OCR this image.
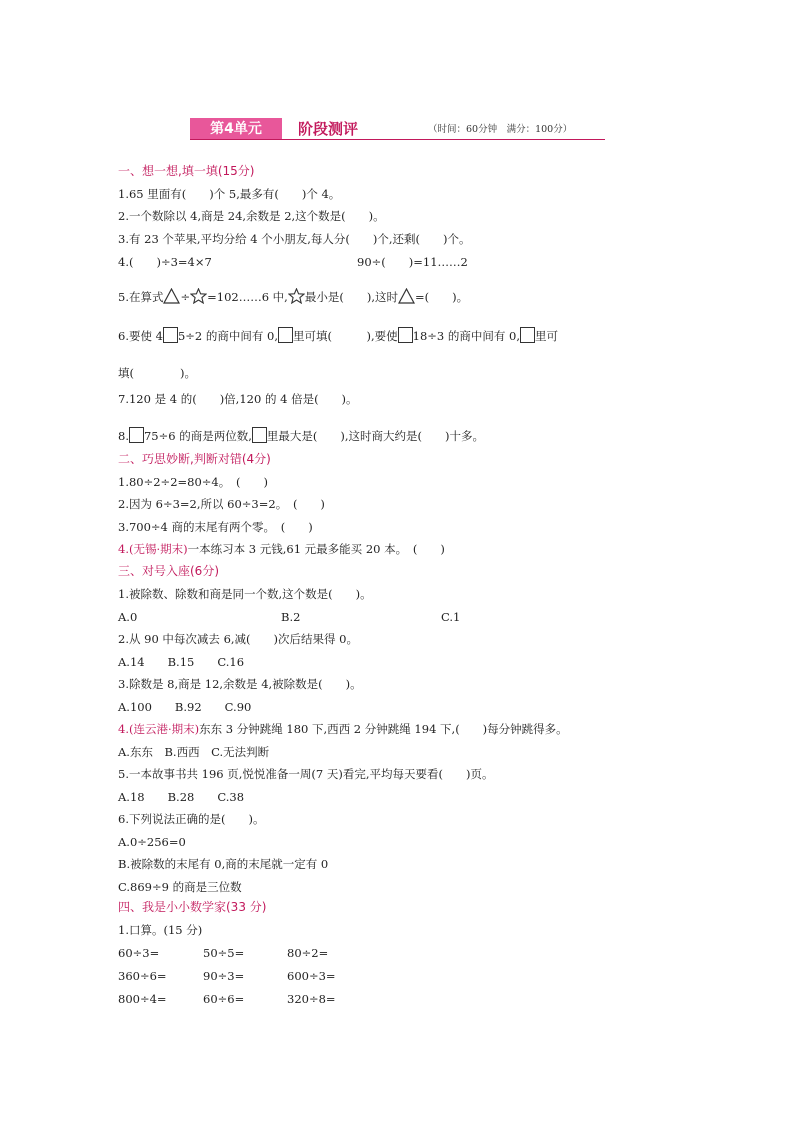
第4单元	阶段测评	（时间：60分钟　满分：100分）
一、想一想,填一填(15分)
1.65 里面有(　　)个 5,最多有(　　)个 4。
2.一个数除以 4,商是 24,余数是 2,这个数是(　　)。
3.有 23 个苹果,平均分给 4 个小朋友,每人分(　　)个,还剩(　　)个。
4.(　　)÷3=4×7	90÷(　　)=11……2
5.在算式 ÷ =102……6 中, 最小是(　　),这时 =(　　)。
6.要使 4 5÷2 的商中间有 0, 里可填(　　　),要使 18÷3 的商中间有 0, 里可
填(　　　　)。
7.120 是 4 的(　　)倍,120 的 4 倍是(　　)。
8. 75÷6 的商是两位数, 里最大是(　　),这时商大约是(　　)十多。
二、巧思妙断,判断对错(4分)
1.80÷2÷2=80÷4。　(　　)
2.因为 6÷3=2,所以 60÷3=2。　(　　)
3.700÷4 商的末尾有两个零。　(　　)
4.(无锡·期末)一本练习本 3 元钱,61 元最多能买 20 本。　(　　)
三、对号入座(6分)
1.被除数、除数和商是同一个数,这个数是(　　)。
A.0	B.2	C.1
2.从 90 中每次减去 6,减(　　)次后结果得 0。
A.14　　B.15　　C.16
3.除数是 8,商是 12,余数是 4,被除数是(　　)。
A.100　　B.92　　C.90
4.(连云港·期末)东东 3 分钟跳绳 180 下,西西 2 分钟跳绳 194 下,(　　)每分钟跳得多。
A.东东　B.西西　C.无法判断
5.一本故事书共 196 页,悦悦准备一周(7 天)看完,平均每天要看(　　)页。
A.18　　B.28　　C.38
6.下列说法正确的是(　　)。
A.0÷256=0
B.被除数的末尾有 0,商的末尾就一定有 0
C.869÷9 的商是三位数
四、我是小小数学家(33 分)
1.口算。(15 分)
60÷3=	50÷5=	80÷2=
360÷6=	90÷3=	600÷3=
800÷4=	60÷6=	320÷8=
